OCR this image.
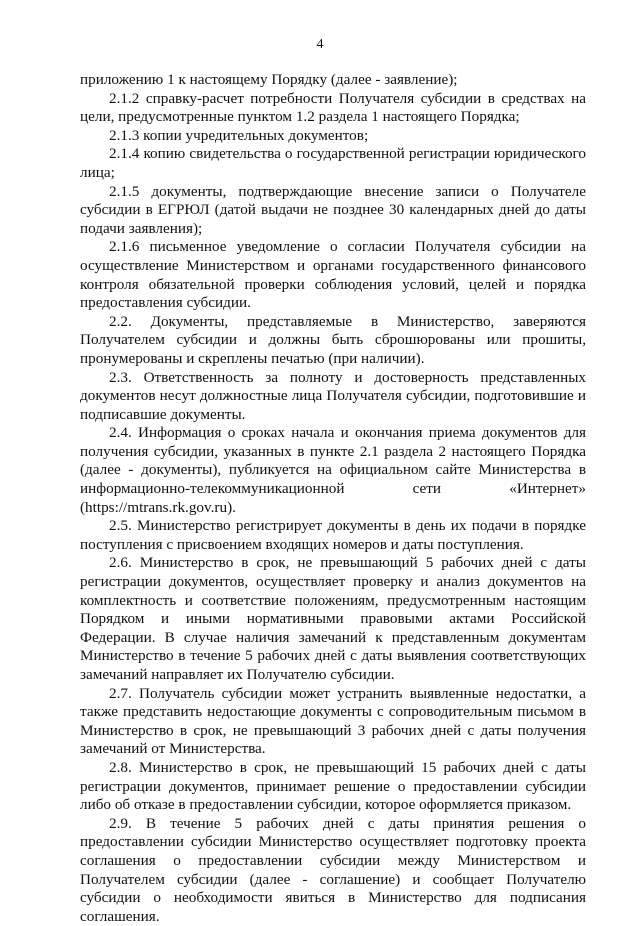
4

приложению 1 к настоящему Порядку (далее - заявление);

2.1.2 справку-расчет потребности Получателя субсидии в средствах на цели, предусмотренные пунктом 1.2 раздела 1 настоящего Порядка;

2.1.3 копии учредительных документов;

2.1.4 копию свидетельства о государственной регистрации юридического лица;

2.1.5 документы, подтверждающие внесение записи о Получателе субсидии в ЕГРЮЛ (датой выдачи не позднее 30 календарных дней до даты подачи заявления);

2.1.6 письменное уведомление о согласии Получателя субсидии на осуществление Министерством и органами государственного финансового контроля обязательной проверки соблюдения условий, целей и порядка предоставления субсидии.

2.2. Документы, представляемые в Министерство, заверяются Получателем субсидии и должны быть сброшюрованы или прошиты, пронумерованы и скреплены печатью (при наличии).

2.3. Ответственность за полноту и достоверность представленных документов несут должностные лица Получателя субсидии, подготовившие и подписавшие документы.

2.4. Информация о сроках начала и окончания приема документов для получения субсидии, указанных в пункте 2.1 раздела 2 настоящего Порядка (далее - документы), публикуется на официальном сайте Министерства в информационно-телекоммуникационной сети «Интернет» (https://mtrans.rk.gov.ru).

2.5. Министерство регистрирует документы в день их подачи в порядке поступления с присвоением входящих номеров и даты поступления.

2.6. Министерство в срок, не превышающий 5 рабочих дней с даты регистрации документов, осуществляет проверку и анализ документов на комплектность и соответствие положениям, предусмотренным настоящим Порядком и иными нормативными правовыми актами Российской Федерации. В случае наличия замечаний к представленным документам Министерство в течение 5 рабочих дней с даты выявления соответствующих замечаний направляет их Получателю субсидии.

2.7. Получатель субсидии может устранить выявленные недостатки, а также представить недостающие документы с сопроводительным письмом в Министерство в срок, не превышающий 3 рабочих дней с даты получения замечаний от Министерства.

2.8. Министерство в срок, не превышающий 15 рабочих дней с даты регистрации документов, принимает решение о предоставлении субсидии либо об отказе в предоставлении субсидии, которое оформляется приказом.

2.9. В течение 5 рабочих дней с даты принятия решения о предоставлении субсидии Министерство осуществляет подготовку проекта соглашения о предоставлении субсидии между Министерством и Получателем субсидии (далее - соглашение) и сообщает Получателю субсидии о необходимости явиться в Министерство для подписания соглашения.
